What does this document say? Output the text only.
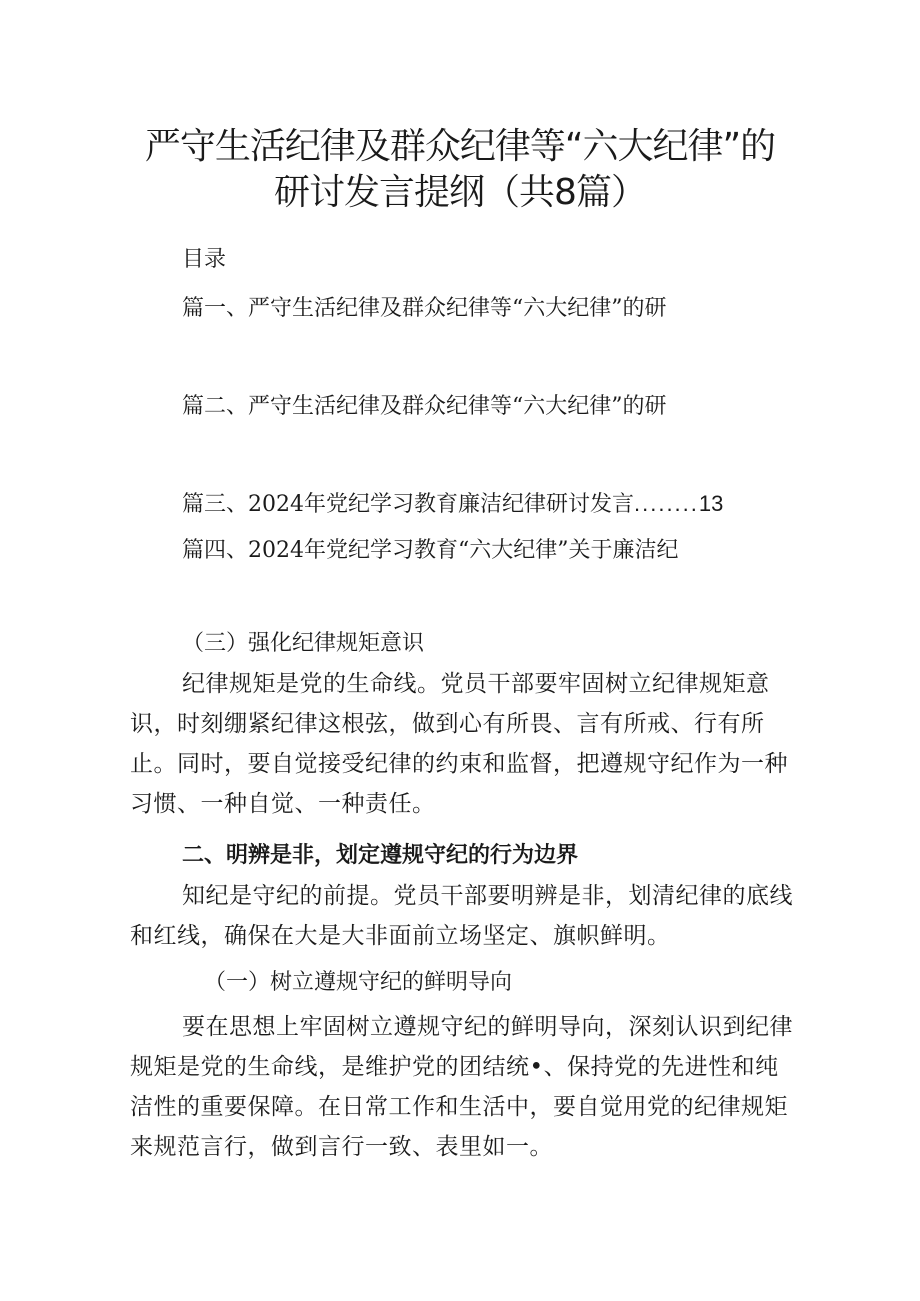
严守生活纪律及群众纪律等“六大纪律”的
研讨发言提纲（共8篇）
目录
篇一、严守生活纪律及群众纪律等“六大纪律”的研
篇二、严守生活纪律及群众纪律等“六大纪律”的研
篇三、2024年党纪学习教育廉洁纪律研讨发言........13
篇四、2024年党纪学习教育“六大纪律”关于廉洁纪
（三）强化纪律规矩意识
纪律规矩是党的生命线。党员干部要牢固树立纪律规矩意识，时刻绷紧纪律这根弦，做到心有所畏、言有所戒、行有所止。同时，要自觉接受纪律的约束和监督，把遵规守纪作为一种习惯、一种自觉、一种责任。
二、明辨是非，划定遵规守纪的行为边界
知纪是守纪的前提。党员干部要明辨是非，划清纪律的底线和红线，确保在大是大非面前立场坚定、旗帜鲜明。
（一）树立遵规守纪的鲜明导向
要在思想上牢固树立遵规守纪的鲜明导向，深刻认识到纪律规矩是党的生命线，是维护党的团结统•、保持党的先进性和纯洁性的重要保障。在日常工作和生活中，要自觉用党的纪律规矩来规范言行，做到言行一致、表里如一。
